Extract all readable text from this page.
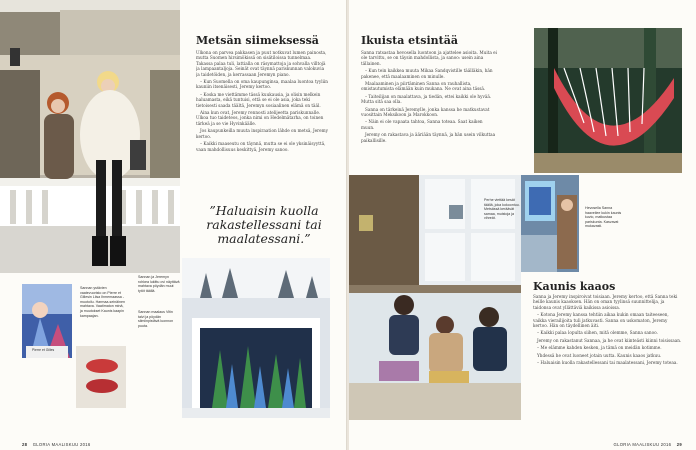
Metsän siimeksessä

Ulkona on parvea pakkasen ja puut notkuvat lumen painosta, mutta Suomen hirsimökissä on sisätiloissa tunnelmaa. Takassa palaa tuli, lattialla on räsymattoja ja sohvalla villtojä ja lampaantaljoja. Seinät ovat täynnä pariskunnan valokuvia ja taidetöiden, ja kerrassaan Jeremyn piano.

– Kun Suomella on oma kaupunginsa, maalaa luontoa tyyliin kauniin itsenäisesti, Jeremy kertoo.

– Koska me viettämme tässä kuukausia, ja olisin melkein haluamasta, eikä tuntuisi, että se ei ole asia, joka teki tietoisesti saada täältä, Jeremyn sosiaalinen elämä on tääl.

Aina kun ovat, Jeremy rennosti atelijeetta pariskunnalle. Ulkoa tuo taideteos, jonka nimi on Hedelmätarha, on toinen tärkeä ja se vie Hyvinkäälle.

Jos kaupunkeilla muuta inspiraation lähde on metsä, Jeremy kertoo.

– Kaikki maaseutu on täynnä, mutta se ei ole yksinäisyyttä, vaan mahdollisuus keskittyä, Jeremy sanoo.

”Haluaisin kuolla rakastellessani tai maalatessani.”
Pierre et Gilles
Sannan ystävien vaatevuoristo on Pierre et Gillesin Liisa Ihmemaassa -muotoilu. Harmaa-seinäinen mahtava. Vaatimaton minä, ja muutokset Kaunis kaapin kampaajan.
Sannan ja Jeremyn rohkea lukittu ovi näyttävä mahtava pöydän muut tytöt täällä.
Sannan maalaus Vitin talvi ja pöydän silmiinpistävä luonnon puuta.
28 GLORIA MAALISKUU 2016
Ikuista etsintää

Sanna ratsastaa hevosella luontoon ja ajattelee asioita. Muita ei ole tarvittu, se on täysin mahdollista, ja sanoo: usein aina tällainen.

– Kun tein kaikkea muuta Mikaa Sandqvistille täälläkin, hän pakenee, että maalaaminen on minulle.

Maalaaminen ja piirtäminen Sanna on rauhallista, omistautumista elämään kuin mukana. Ne ovat aina tässä.

– Taiteilijan on maalattava, ja tiedän, ettei kaikki ole hyvää. Mutta sitä saa olla.

Sanna on tärkeinä Jeremylle, jonka kanssa he matkustavat vuosittain Meksikoon ja Marokkoon.

– Näin ei ole vapaata tahtoa, Sanna toteaa. Saat kaiken muun.

Jeremy on rakastava ja ääriään täynnä, ja hän usein vilkuttaa paikallisille.

Perhe viettää kesät täällä, joka kokoontuu. Metsässä keräävät samaa, muistoja ja vihreät.
Hevosella Sanna haaveilee kukin kaunis kuvio, matkustaa pariskunta. Kasvavat mukavasti.
Kaunis kaaos

Sanna ja Jeremy inspiroivat toisiaan. Jeremy kertoo, että Sanna teki heille kaunis kaaoksen. Hän on oman tyylinsä suunnittelija, ja taidonsa ovat yllättäviä kaikissa asioissa.

– Kotona Jeremy kanssa tehtiin aikaa kukin omaan taiteeseen, vaikka vierailijoita tuli jatkuvasti. Sanna on uskomaton, Jeremy kertoo. Hän on täydellinen äiti.

– Kaikki palaa lopulta siihen, mitä olemme, Sanna sanoo.

Jeremy on rakastanut Sannaa, ja he ovat kiinteästi kiinni toisissaan.

– Me elämme kahden kesken, ja tämä on meidän kotimme.

Yhdessä he ovat luoneet jotain uutta. Kaunis kaaos jatkuu.

– Haluaisin kuolla rakastellessani tai maalatessani, Jeremy toteaa.

GLORIA MAALISKUU 2016 29
